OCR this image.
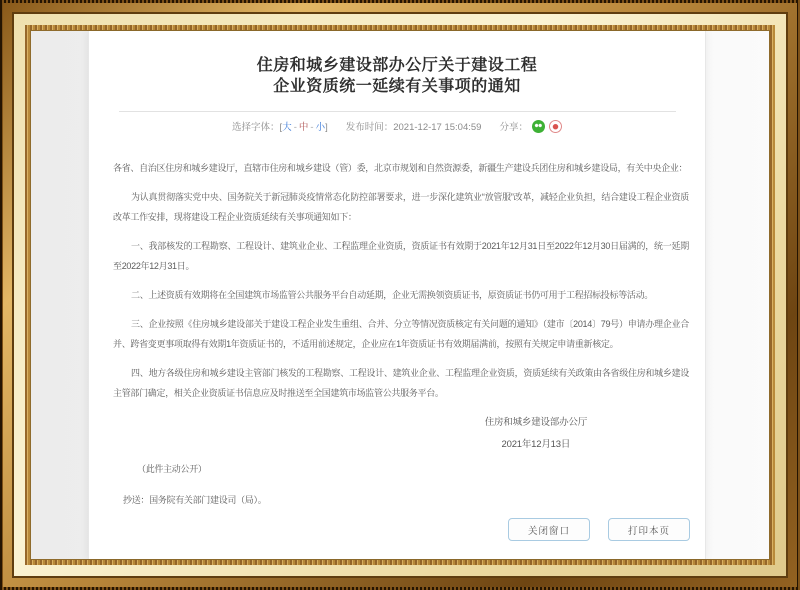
住房和城乡建设部办公厅关于建设工程
企业资质统一延续有关事项的通知
选择字体：[大 - 中 - 小] 发布时间：2021-12-17 15:04:59 分享：

各省、自治区住房和城乡建设厅，直辖市住房和城乡建设（管）委，北京市规划和自然资源委，新疆生产建设兵团住房和城乡建设局，有关中央企业：

为认真贯彻落实党中央、国务院关于新冠肺炎疫情常态化防控部署要求，进一步深化建筑业“放管服”改革，减轻企业负担，结合建设工程企业资质改革工作安排，现将建设工程企业资质延续有关事项通知如下：

一、我部核发的工程勘察、工程设计、建筑业企业、工程监理企业资质，资质证书有效期于2021年12月31日至2022年12月30日届满的，统一延期至2022年12月31日。

二、上述资质有效期将在全国建筑市场监管公共服务平台自动延期，企业无需换领资质证书，原资质证书仍可用于工程招标投标等活动。

三、企业按照《住房城乡建设部关于建设工程企业发生重组、合并、分立等情况资质核定有关问题的通知》（建市〔2014〕79号）申请办理企业合并、跨省变更事项取得有效期1年资质证书的，不适用前述规定，企业应在1年资质证书有效期届满前，按照有关规定申请重新核定。

四、地方各级住房和城乡建设主管部门核发的工程勘察、工程设计、建筑业企业、工程监理企业资质，资质延续有关政策由各省级住房和城乡建设主管部门确定，相关企业资质证书信息应及时推送至全国建筑市场监管公共服务平台。

住房和城乡建设部办公厅
2021年12月13日
（此件主动公开）
抄送：国务院有关部门建设司（局）。
关闭窗口	打印本页
